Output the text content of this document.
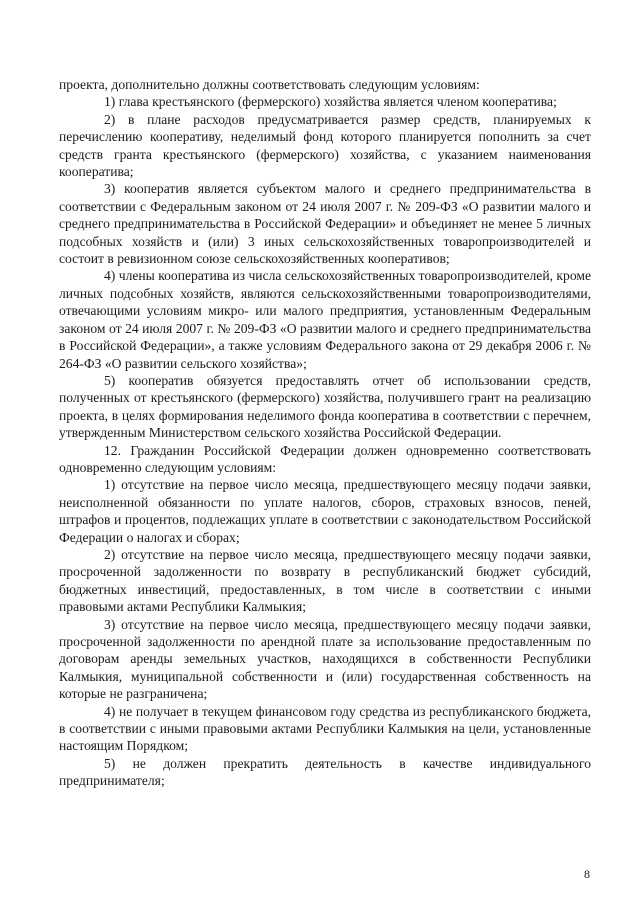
проекта, дополнительно должны соответствовать следующим условиям:

1) глава крестьянского (фермерского) хозяйства является членом кооператива;

2) в плане расходов предусматривается размер средств, планируемых к перечислению кооперативу, неделимый фонд которого планируется пополнить за счет средств гранта крестьянского (фермерского) хозяйства, с указанием наименования кооператива;

3) кооператив является субъектом малого и среднего предпринимательства в соответствии с Федеральным законом от 24 июля 2007 г. № 209-ФЗ «О развитии малого и среднего предпринимательства в Российской Федерации» и объединяет не менее 5 личных подсобных хозяйств и (или) 3 иных сельскохозяйственных товаропроизводителей и состоит в ревизионном союзе сельскохозяйственных кооперативов;

4) члены кооператива из числа сельскохозяйственных товаропроизводителей, кроме личных подсобных хозяйств, являются сельскохозяйственными товаропроизводителями, отвечающими условиям микро- или малого предприятия, установленным Федеральным законом от 24 июля 2007 г. № 209-ФЗ «О развитии малого и среднего предпринимательства в Российской Федерации», а также условиям Федерального закона от 29 декабря 2006 г. № 264-ФЗ «О развитии сельского хозяйства»;

5) кооператив обязуется предоставлять отчет об использовании средств, полученных от крестьянского (фермерского) хозяйства, получившего грант на реализацию проекта, в целях формирования неделимого фонда кооператива в соответствии с перечнем, утвержденным Министерством сельского хозяйства Российской Федерации.

12. Гражданин Российской Федерации должен одновременно соответствовать одновременно следующим условиям:

1) отсутствие на первое число месяца, предшествующего месяцу подачи заявки, неисполненной обязанности по уплате налогов, сборов, страховых взносов, пеней, штрафов и процентов, подлежащих уплате в соответствии с законодательством Российской Федерации о налогах и сборах;

2) отсутствие на первое число месяца, предшествующего месяцу подачи заявки, просроченной задолженности по возврату в республиканский бюджет субсидий, бюджетных инвестиций, предоставленных, в том числе в соответствии с иными правовыми актами Республики Калмыкия;

3) отсутствие на первое число месяца, предшествующего месяцу подачи заявки, просроченной задолженности по арендной плате за использование предоставленным по договорам аренды земельных участков, находящихся в собственности Республики Калмыкия, муниципальной собственности и (или) государственная собственность на которые не разграничена;

4) не получает в текущем финансовом году средства из республиканского бюджета, в соответствии с иными правовыми актами Республики Калмыкия на цели, установленные настоящим Порядком;

5) не должен прекратить деятельность в качестве индивидуального предпринимателя;

8
